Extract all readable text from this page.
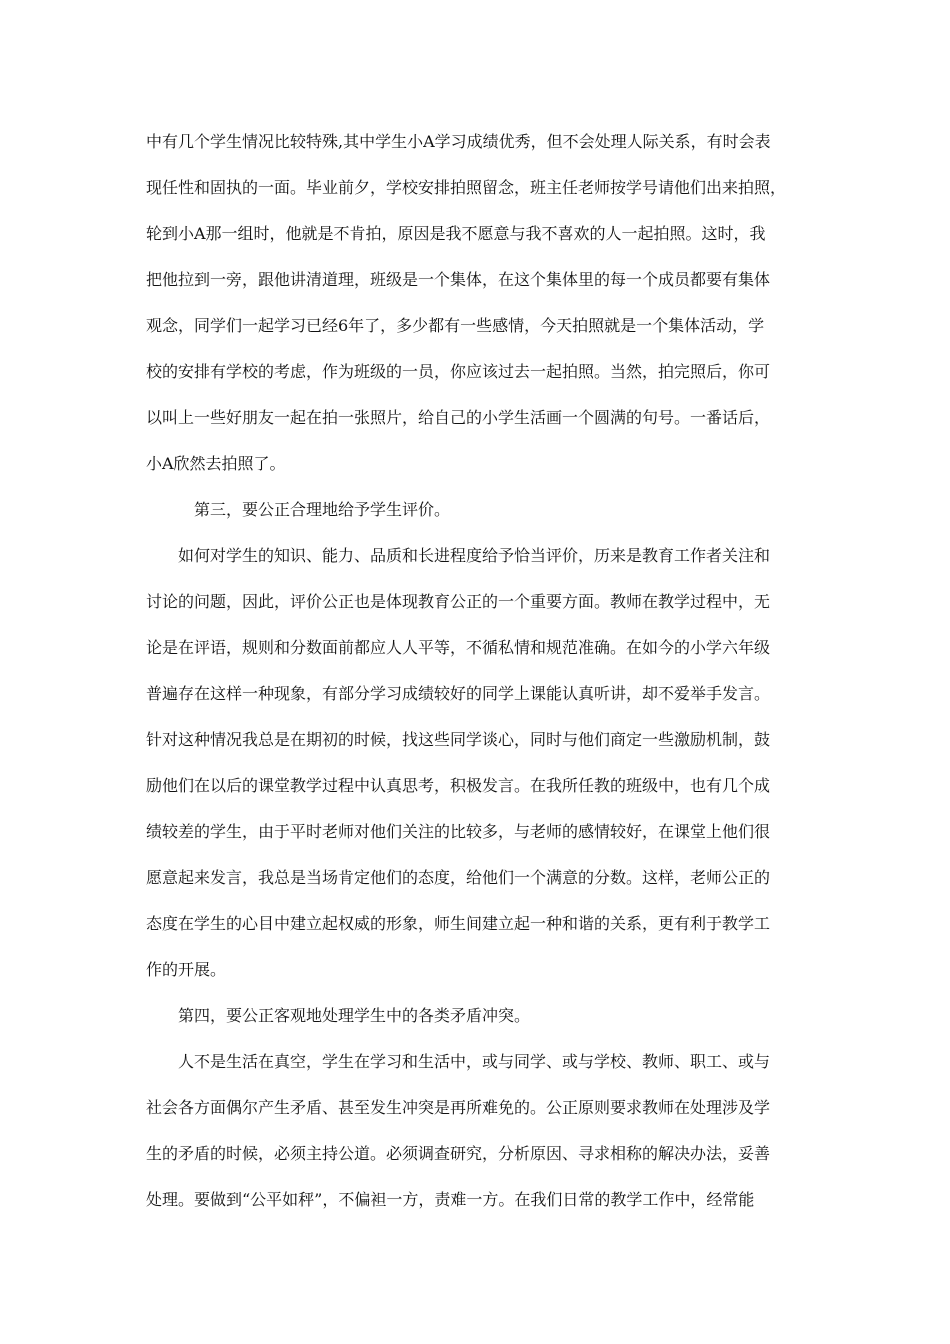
中有几个学生情况比较特殊,其中学生小A学习成绩优秀，但不会处理人际关系，有时会表
现任性和固执的一面。毕业前夕，学校安排拍照留念，班主任老师按学号请他们出来拍照，
轮到小A那一组时，他就是不肯拍，原因是我不愿意与我不喜欢的人一起拍照。这时，我
把他拉到一旁，跟他讲清道理，班级是一个集体，在这个集体里的每一个成员都要有集体
观念，同学们一起学习已经6年了，多少都有一些感情，今天拍照就是一个集体活动，学
校的安排有学校的考虑，作为班级的一员，你应该过去一起拍照。当然，拍完照后，你可
以叫上一些好朋友一起在拍一张照片，给自己的小学生活画一个圆满的句号。一番话后，
小A欣然去拍照了。
第三，要公正合理地给予学生评价。
如何对学生的知识、能力、品质和长进程度给予恰当评价，历来是教育工作者关注和
讨论的问题，因此，评价公正也是体现教育公正的一个重要方面。教师在教学过程中，无
论是在评语，规则和分数面前都应人人平等，不循私情和规范准确。在如今的小学六年级
普遍存在这样一种现象，有部分学习成绩较好的同学上课能认真听讲，却不爱举手发言。
针对这种情况我总是在期初的时候，找这些同学谈心，同时与他们商定一些激励机制，鼓
励他们在以后的课堂教学过程中认真思考，积极发言。在我所任教的班级中，也有几个成
绩较差的学生，由于平时老师对他们关注的比较多，与老师的感情较好，在课堂上他们很
愿意起来发言，我总是当场肯定他们的态度，给他们一个满意的分数。这样，老师公正的
态度在学生的心目中建立起权威的形象，师生间建立起一种和谐的关系，更有利于教学工
作的开展。
第四，要公正客观地处理学生中的各类矛盾冲突。
人不是生活在真空，学生在学习和生活中，或与同学、或与学校、教师、职工、或与
社会各方面偶尔产生矛盾、甚至发生冲突是再所难免的。公正原则要求教师在处理涉及学
生的矛盾的时候，必须主持公道。必须调查研究，分析原因、寻求相称的解决办法，妥善
处理。要做到“公平如秤”，不偏袒一方，责难一方。在我们日常的教学工作中，经常能
